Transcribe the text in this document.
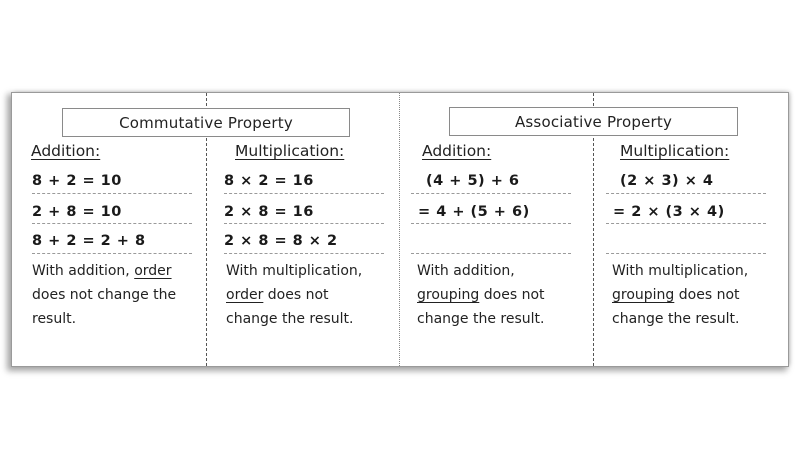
Commutative Property	Associative Property
Addition:
8 + 2 = 10
2 + 8 = 10
8 + 2 = 2 + 8
With addition, order does not change the result.
Multiplication:
8 × 2 = 16
2 × 8 = 16
2 × 8 = 8 × 2
With multiplication, order does not change the result.
Addition:
(4 + 5) + 6
= 4 + (5 + 6)
With addition, grouping does not change the result.
Multiplication:
(2 × 3) × 4
= 2 × (3 × 4)
With multiplication, grouping does not change the result.
